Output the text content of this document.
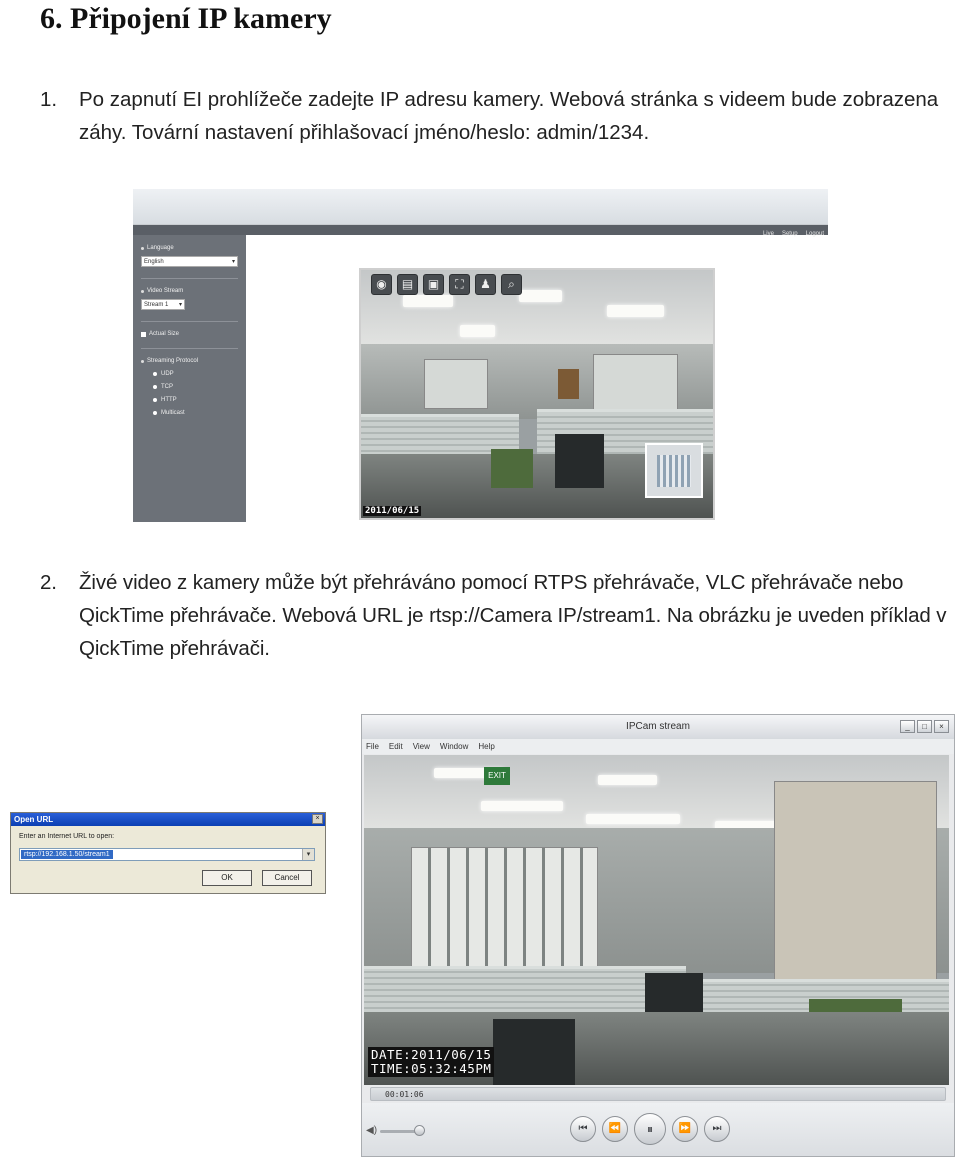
6. Připojení IP kamery
1.	Po zapnutí EI prohlížeče zadejte IP adresu kamery. Webová stránka s videem bude zobrazena záhy. Tovární nastavení přihlašovací jméno/heslo: admin/1234.
Live Setup Logout
Language
English	▾
Video Stream
Stream 1 ▾
Actual Size
Streaming Protocol
UDP
TCP
HTTP
Multicast
◉	▤	▣	⛶	♟	⌕
2011/06/15
2.	Živé video z kamery může být přehráváno pomocí RTPS přehrávače, VLC přehrávače nebo QickTime přehrávače. Webová URL je rtsp://Camera IP/stream1. Na obrázku je uveden příklad v QickTime přehrávači.
Open URL	×
Enter an Internet URL to open:
rtsp://192.168.1.50/stream1	▾
OK	Cancel
IPCam stream	_	□	×
File Edit View Window Help
EXIT
DATE:2011/06/15
TIME:05:32:45PM
00:01:06
◀)	⏮	⏪	⏸	⏩	⏭
